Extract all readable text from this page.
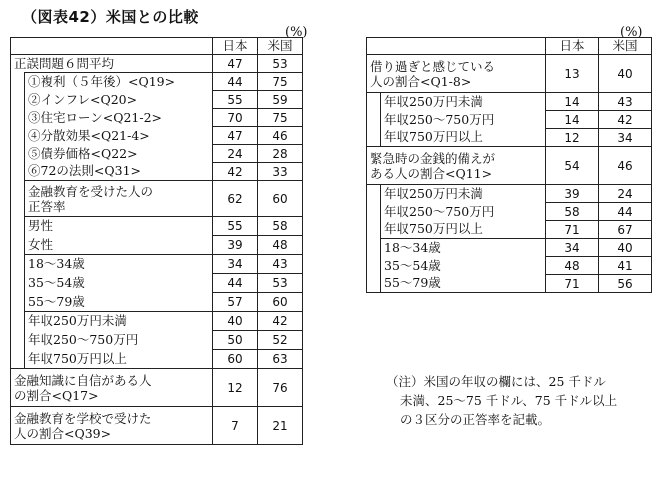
（図表42）米国との比較
(%)	(%)
		日本	米国
正誤問題６問平均		47	53
	①複利（５年後）<Q19>	44	75
	②インフレ<Q20>	55	59
	③住宅ローン<Q21-2>	70	75
	④分散効果<Q21-4>	47	46
	⑤債券価格<Q22>	24	28
	⑥72の法則<Q31>	42	33
	金融教育を受けた人の
正答率	62	60
	男性	55	58
	女性	39	48
	18～34歳	34	43
	35～54歳	44	53
	55～79歳	57	60
	年収250万円未満	40	42
	年収250～750万円	50	52
	年収750万円以上	60	63
金融知識に自信がある人
の割合<Q17>		12	76
金融教育を学校で受けた
人の割合<Q39>		7	21
		日本	米国
借り過ぎと感じている
人の割合<Q1-8>		13	40
	年収250万円未満	14	43
	年収250～750万円	14	42
	年収750万円以上	12	34
緊急時の金銭的備えが
ある人の割合<Q11>		54	46
	年収250万円未満	39	24
	年収250～750万円	58	44
	年収750万円以上	71	67
	18～34歳	34	40
	35～54歳	48	41
	55～79歳	71	56
（注）米国の年収の欄には、25 千ドル
未満、25～75 千ドル、75 千ドル以上
の３区分の正答率を記載。
